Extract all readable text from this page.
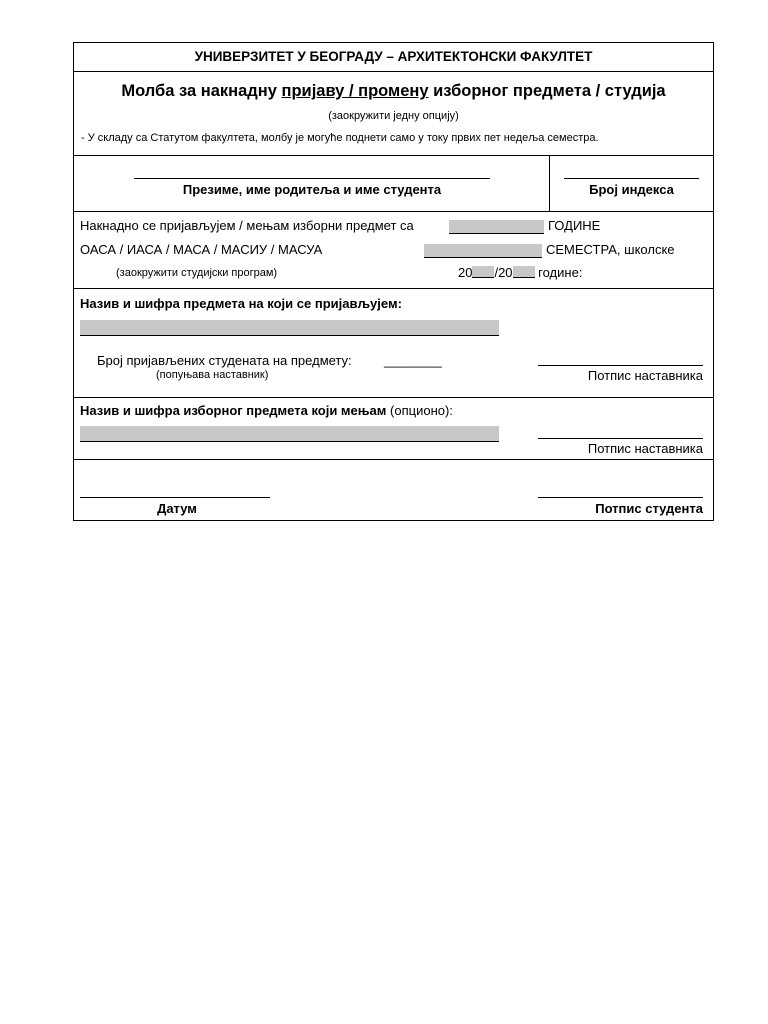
УНИВЕРЗИТЕТ У БЕОГРАДУ – АРХИТЕКТОНСКИ ФАКУЛТЕТ
Молба за накнадну пријаву / промену изборног предмета / студија
(заокружити једну опцију)
- У складу са Статутом факултета, молбу је могуће поднети само у току првих пет недеља семестра.
Презиме, име родитеља и име студента	Број индекса
Накнадно се пријављујем / мењам изборни предмет са	ГОДИНЕ
ОАСА / ИАСА / МАСА / МАСИУ / МАСУА	СЕМЕСТРА, школске
(заокружити студијски програм)	20 /20 године:
Назив и шифра предмета на који се пријављујем:
Број пријављених студената на предмету: ________
(попуњава наставник)	Потпис наставника
Назив и шифра изборног предмета који мењам (опционо):
Потпис наставника
Датум	Потпис студента
